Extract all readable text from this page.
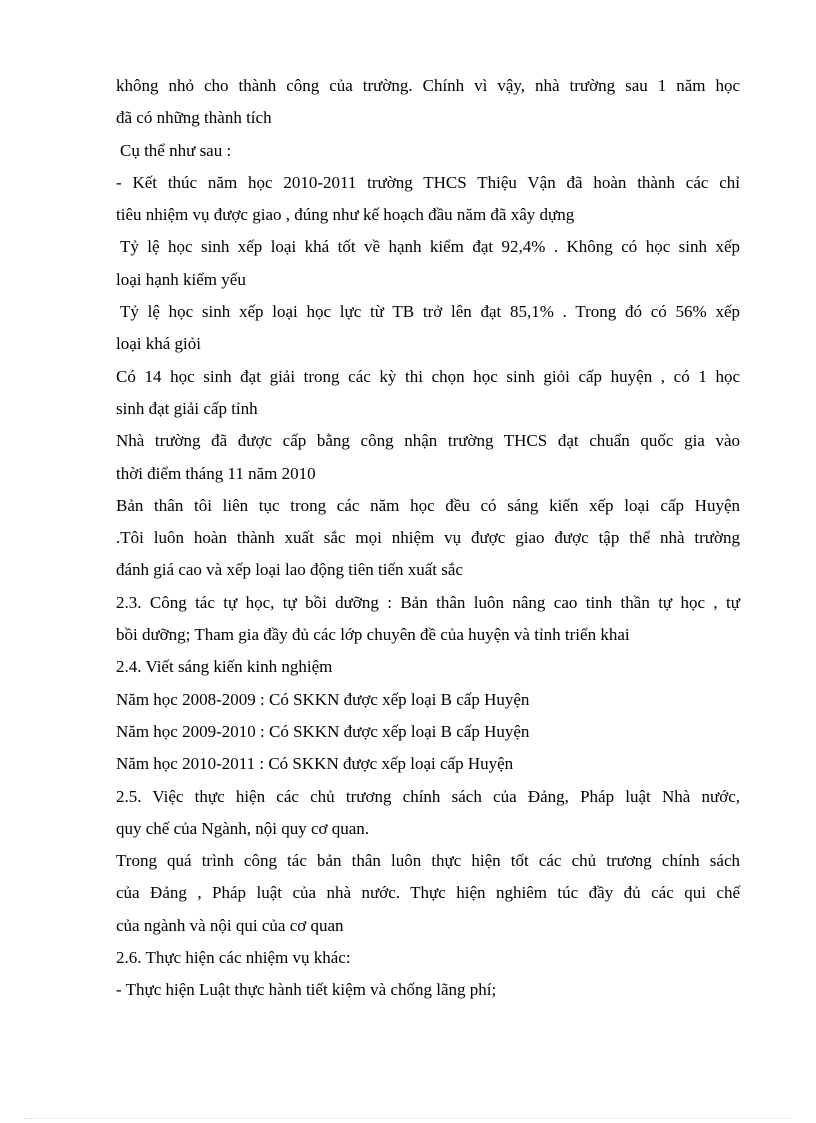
không nhỏ cho thành công của trường. Chính vì vậy, nhà trường sau 1 năm học
đã có những thành tích
Cụ thể như sau :
- Kết thúc năm học 2010-2011 trường THCS Thiệu Vận đã hoàn thành các chỉ
tiêu nhiệm vụ được giao , đúng như kế hoạch đầu năm đã xây dựng
Tỷ lệ học sinh xếp loại khá tốt về hạnh kiểm đạt 92,4% . Không có học sinh xếp
loại hạnh kiểm yếu
Tỷ lệ học sinh xếp loại học lực từ TB trở lên đạt 85,1% . Trong đó có 56% xếp
loại khá giỏi
Có 14 học sinh đạt giải trong các kỳ thi chọn học sinh giỏi cấp huyện , có 1 học
sinh đạt giải cấp tỉnh
Nhà trường đã được cấp bằng công nhận trường THCS đạt chuẩn quốc gia vào
thời điểm tháng 11 năm 2010
Bản thân tôi liên tục trong các năm học đều có sáng kiến xếp loại cấp Huyện
.Tôi luôn hoàn thành xuất sắc mọi nhiệm vụ được giao được tập thể nhà trường
đánh giá cao và xếp loại lao động tiên tiến xuất sắc
2.3. Công tác tự học, tự bồi dưỡng : Bản thân luôn nâng cao tinh thần tự học , tự
bồi dưỡng; Tham gia đầy đủ các lớp chuyên đề của huyện và tỉnh triển khai
2.4. Viết sáng kiến kinh nghiệm
Năm học 2008-2009 : Có SKKN được xếp loại B cấp Huyện
Năm học 2009-2010 : Có SKKN được xếp loại B cấp Huyện
Năm học 2010-2011 : Có SKKN được xếp loại cấp Huyện
2.5. Việc thực hiện các chủ trương chính sách của Đảng, Pháp luật Nhà nước,
quy chế của Ngành, nội quy cơ quan.
Trong quá trình công tác bản thân luôn thực hiện tốt các chủ trương chính sách
của Đảng , Pháp luật của nhà nước. Thực hiện nghiêm túc đầy đủ các qui chế
của ngành và nội qui của cơ quan
2.6. Thực hiện các nhiệm vụ khác:
- Thực hiện Luật thực hành tiết kiệm và chống lãng phí;
